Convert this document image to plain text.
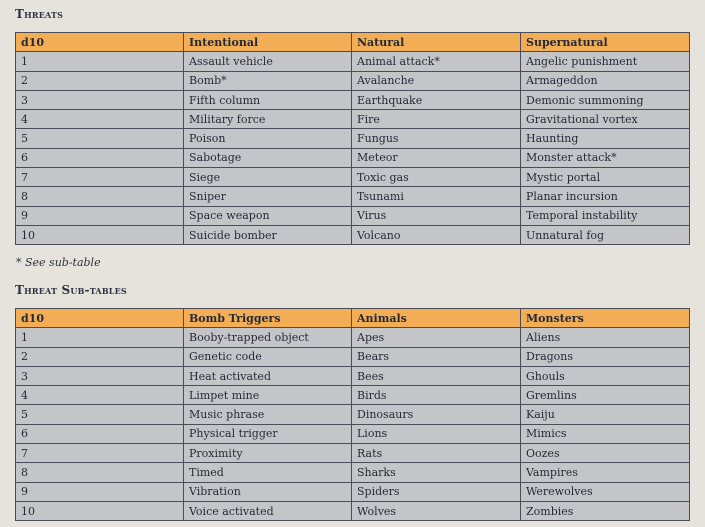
Threats
d10	Intentional	Natural	Supernatural
1	Assault vehicle	Animal attack*	Angelic punishment
2	Bomb*	Avalanche	Armageddon
3	Fifth column	Earthquake	Demonic summoning
4	Military force	Fire	Gravitational vortex
5	Poison	Fungus	Haunting
6	Sabotage	Meteor	Monster attack*
7	Siege	Toxic gas	Mystic portal
8	Sniper	Tsunami	Planar incursion
9	Space weapon	Virus	Temporal instability
10	Suicide bomber	Volcano	Unnatural fog
* See sub-table
Threat Sub-tables
d10	Bomb Triggers	Animals	Monsters
1	Booby-trapped object	Apes	Aliens
2	Genetic code	Bears	Dragons
3	Heat activated	Bees	Ghouls
4	Limpet mine	Birds	Gremlins
5	Music phrase	Dinosaurs	Kaiju
6	Physical trigger	Lions	Mimics
7	Proximity	Rats	Oozes
8	Timed	Sharks	Vampires
9	Vibration	Spiders	Werewolves
10	Voice activated	Wolves	Zombies
